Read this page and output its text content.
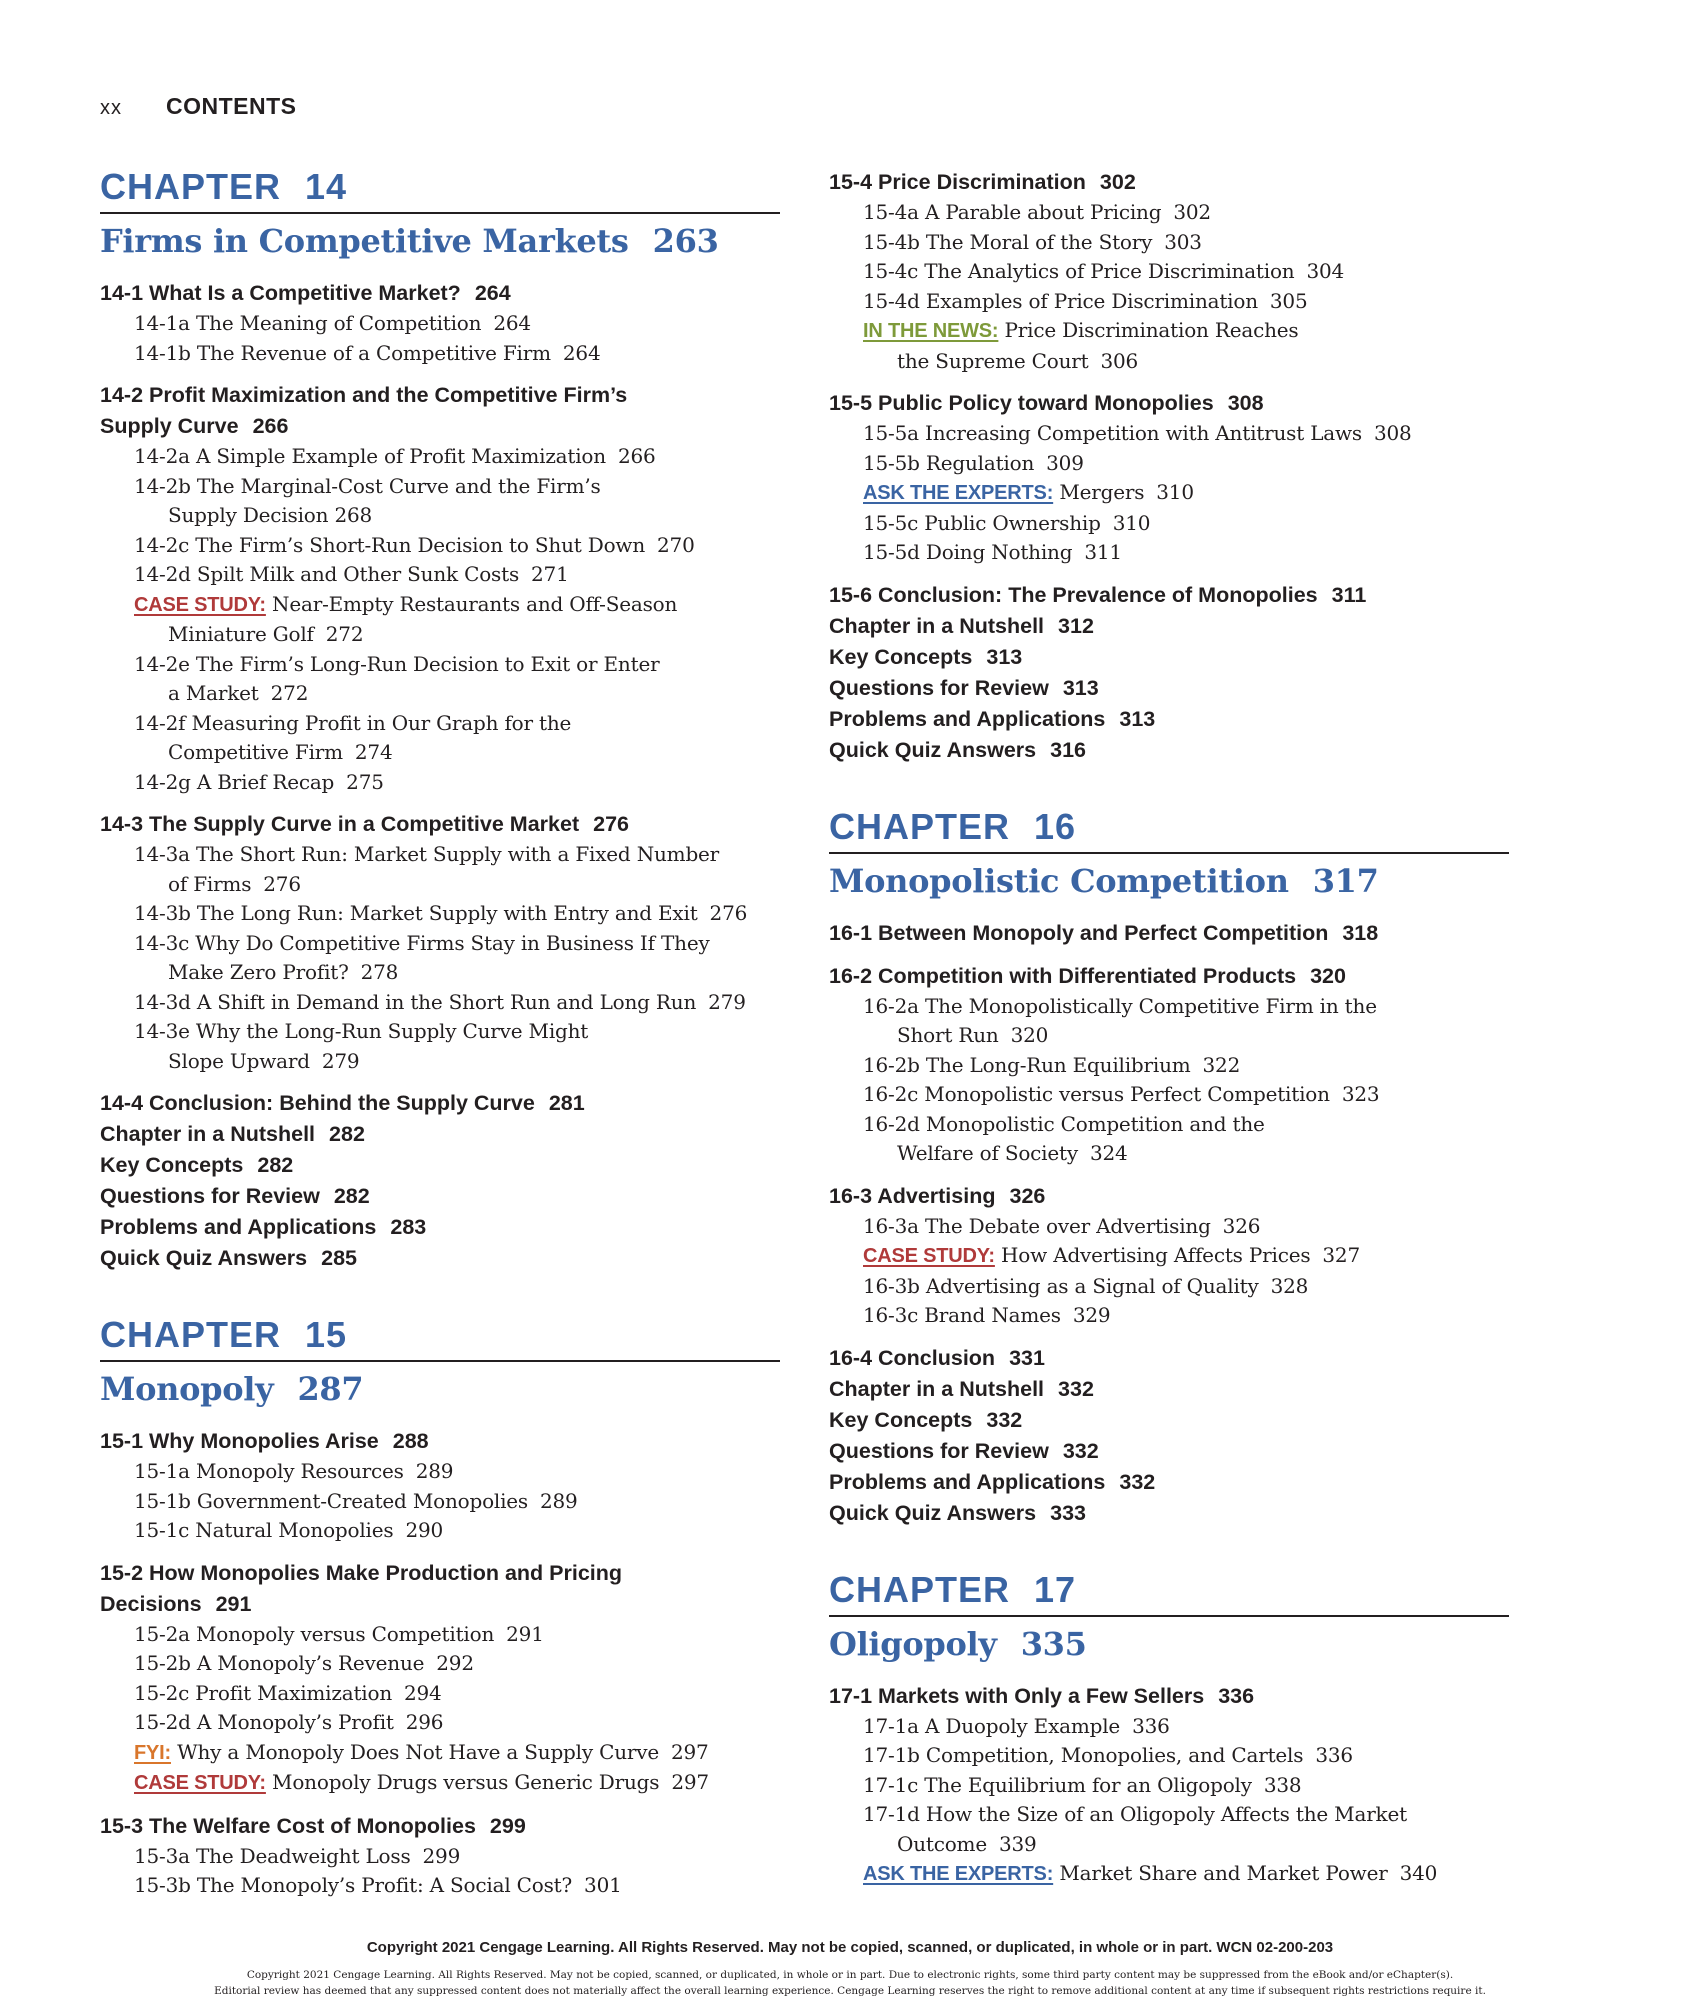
xx	CONTENTS
CHAPTER 14
Firms in Competitive Markets 263

14-1 What Is a Competitive Market? 264

14-1a The Meaning of Competition 264
14-1b The Revenue of a Competitive Firm 264

14-2 Profit Maximization and the Competitive Firm’s
Supply Curve 266

14-2a A Simple Example of Profit Maximization 266
14-2b The Marginal-Cost Curve and the Firm’s
Supply Decision 268
14-2c The Firm’s Short-Run Decision to Shut Down 270
14-2d Spilt Milk and Other Sunk Costs 271
CASE STUDY: Near-Empty Restaurants and Off-Season
Miniature Golf 272
14-2e The Firm’s Long-Run Decision to Exit or Enter
a Market 272
14-2f Measuring Profit in Our Graph for the
Competitive Firm 274
14-2g A Brief Recap 275

14-3 The Supply Curve in a Competitive Market 276

14-3a The Short Run: Market Supply with a Fixed Number
of Firms 276
14-3b The Long Run: Market Supply with Entry and Exit 276
14-3c Why Do Competitive Firms Stay in Business If They
Make Zero Profit? 278
14-3d A Shift in Demand in the Short Run and Long Run 279
14-3e Why the Long-Run Supply Curve Might
Slope Upward 279

14-4 Conclusion: Behind the Supply Curve 281

Chapter in a Nutshell 282

Key Concepts 282

Questions for Review 282

Problems and Applications 283

Quick Quiz Answers 285

CHAPTER 15
Monopoly 287

15-1 Why Monopolies Arise 288

15-1a Monopoly Resources 289
15-1b Government-Created Monopolies 289
15-1c Natural Monopolies 290

15-2 How Monopolies Make Production and Pricing
Decisions 291

15-2a Monopoly versus Competition 291
15-2b A Monopoly’s Revenue 292
15-2c Profit Maximization 294
15-2d A Monopoly’s Profit 296
FYI: Why a Monopoly Does Not Have a Supply Curve 297
CASE STUDY: Monopoly Drugs versus Generic Drugs 297

15-3 The Welfare Cost of Monopolies 299

15-3a The Deadweight Loss 299
15-3b The Monopoly’s Profit: A Social Cost? 301

15-4 Price Discrimination 302

15-4a A Parable about Pricing 302
15-4b The Moral of the Story 303
15-4c The Analytics of Price Discrimination 304
15-4d Examples of Price Discrimination 305
IN THE NEWS: Price Discrimination Reaches
the Supreme Court 306

15-5 Public Policy toward Monopolies 308

15-5a Increasing Competition with Antitrust Laws 308
15-5b Regulation 309
ASK THE EXPERTS: Mergers 310
15-5c Public Ownership 310
15-5d Doing Nothing 311

15-6 Conclusion: The Prevalence of Monopolies 311

Chapter in a Nutshell 312

Key Concepts 313

Questions for Review 313

Problems and Applications 313

Quick Quiz Answers 316

CHAPTER 16
Monopolistic Competition 317

16-1 Between Monopoly and Perfect Competition 318

16-2 Competition with Differentiated Products 320

16-2a The Monopolistically Competitive Firm in the
Short Run 320
16-2b The Long-Run Equilibrium 322
16-2c Monopolistic versus Perfect Competition 323
16-2d Monopolistic Competition and the
Welfare of Society 324

16-3 Advertising 326

16-3a The Debate over Advertising 326
CASE STUDY: How Advertising Affects Prices 327
16-3b Advertising as a Signal of Quality 328
16-3c Brand Names 329

16-4 Conclusion 331

Chapter in a Nutshell 332

Key Concepts 332

Questions for Review 332

Problems and Applications 332

Quick Quiz Answers 333

CHAPTER 17
Oligopoly 335

17-1 Markets with Only a Few Sellers 336

17-1a A Duopoly Example 336
17-1b Competition, Monopolies, and Cartels 336
17-1c The Equilibrium for an Oligopoly 338
17-1d How the Size of an Oligopoly Affects the Market
Outcome 339
ASK THE EXPERTS: Market Share and Market Power 340
Copyright 2021 Cengage Learning. All Rights Reserved. May not be copied, scanned, or duplicated, in whole or in part. WCN 02-200-203
Copyright 2021 Cengage Learning. All Rights Reserved. May not be copied, scanned, or duplicated, in whole or in part. Due to electronic rights, some third party content may be suppressed from the eBook and/or eChapter(s).
Editorial review has deemed that any suppressed content does not materially affect the overall learning experience. Cengage Learning reserves the right to remove additional content at any time if subsequent rights restrictions require it.
